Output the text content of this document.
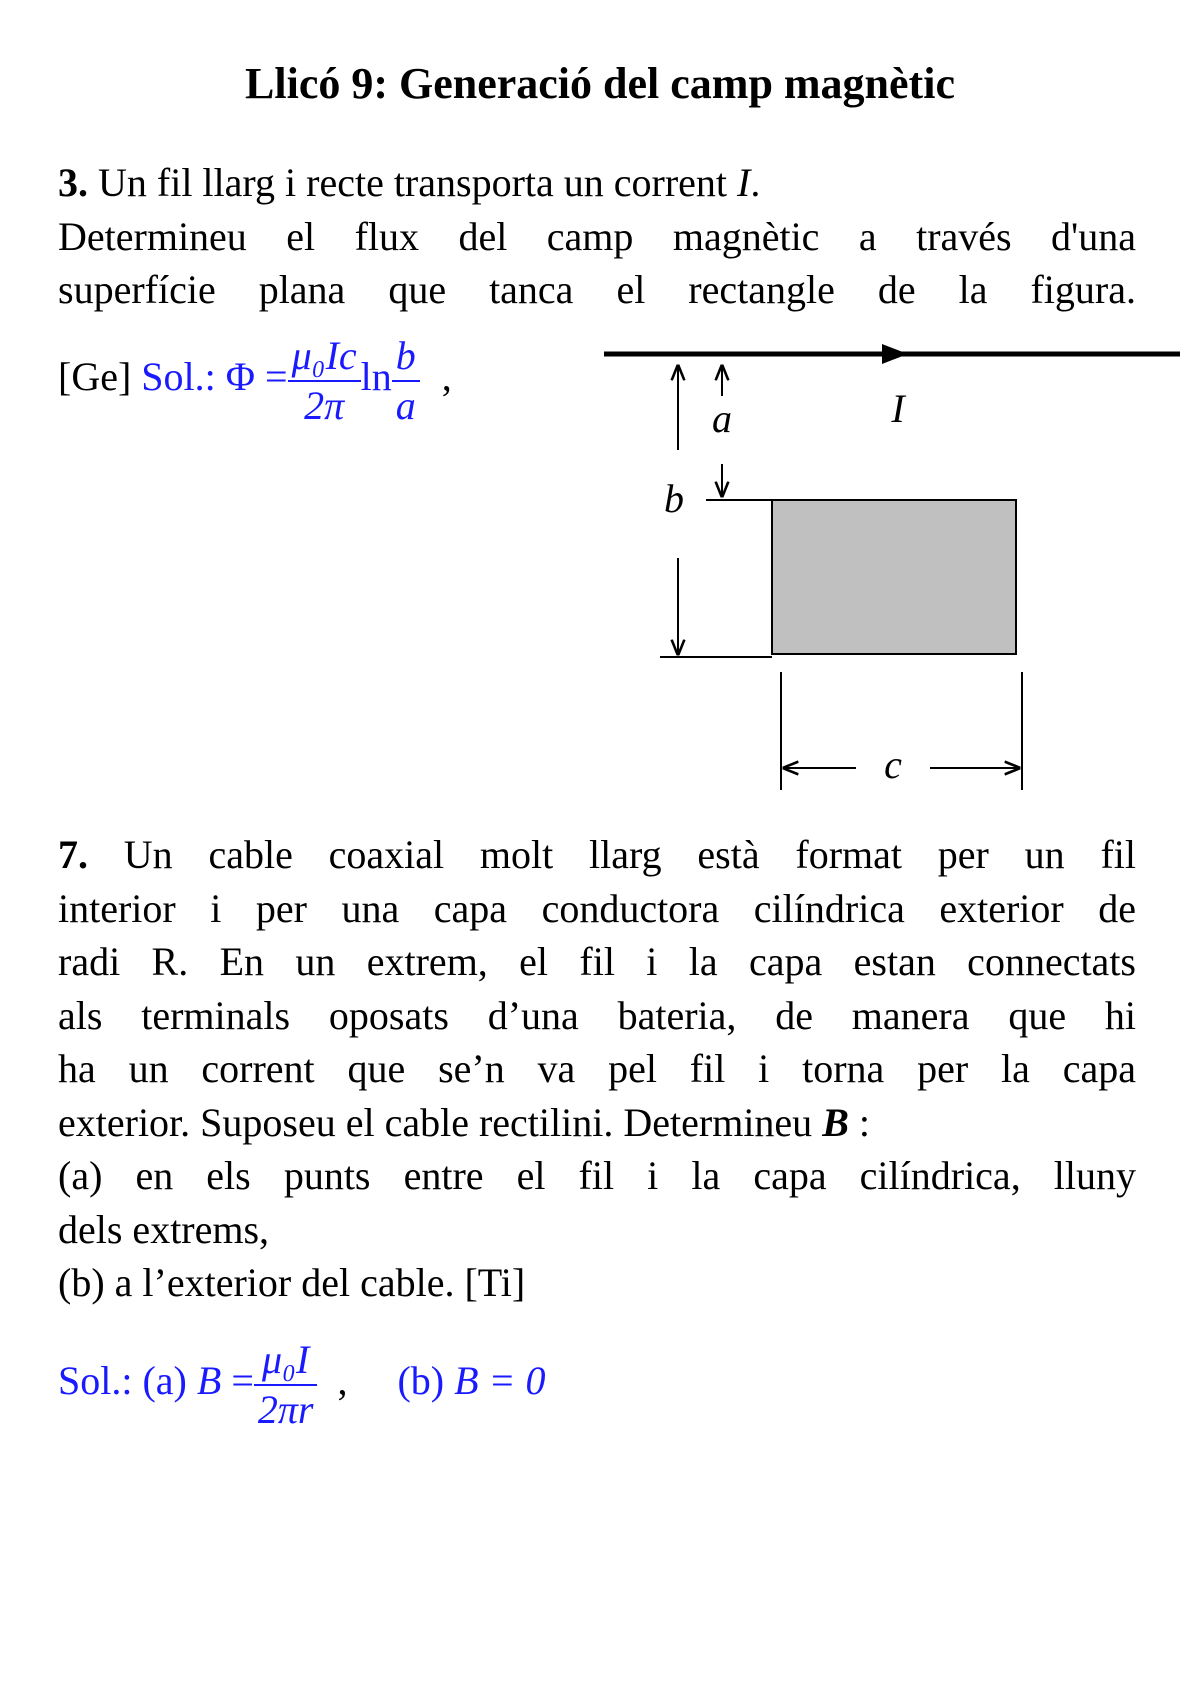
Llicó 9: Generació del camp magnètic
3. Un fil llarg i recte transporta un corrent I.
Determineu el flux del camp magnètic a través d'una
superfície plana que tanca el rectangle de la figura.
[Ge] Sol.: $\Phi = \frac{\text{μ₀Ic}}{2\pi}$ $\ln \frac{b}{a}$ ,
a
b
c
I
7. Un cable coaxial molt llarg està format per un fil
interior i per una capa conductora cilíndrica exterior de
radi R. En un extrem, el fil i la capa estan connectats
als terminals oposats d’una bateria, de manera que hi
ha un corrent que se’n va pel fil i torna per la capa
exterior. Suposeu el cable rectilini. Determineu B :
(a) en els punts entre el fil i la capa cilíndrica, lluny
dels extrems,
(b) a l’exterior del cable. [Ti]
Sol.: (a) $B = \frac{\text{μ₀I}}{2\pi r}$ , (b) B = 0
